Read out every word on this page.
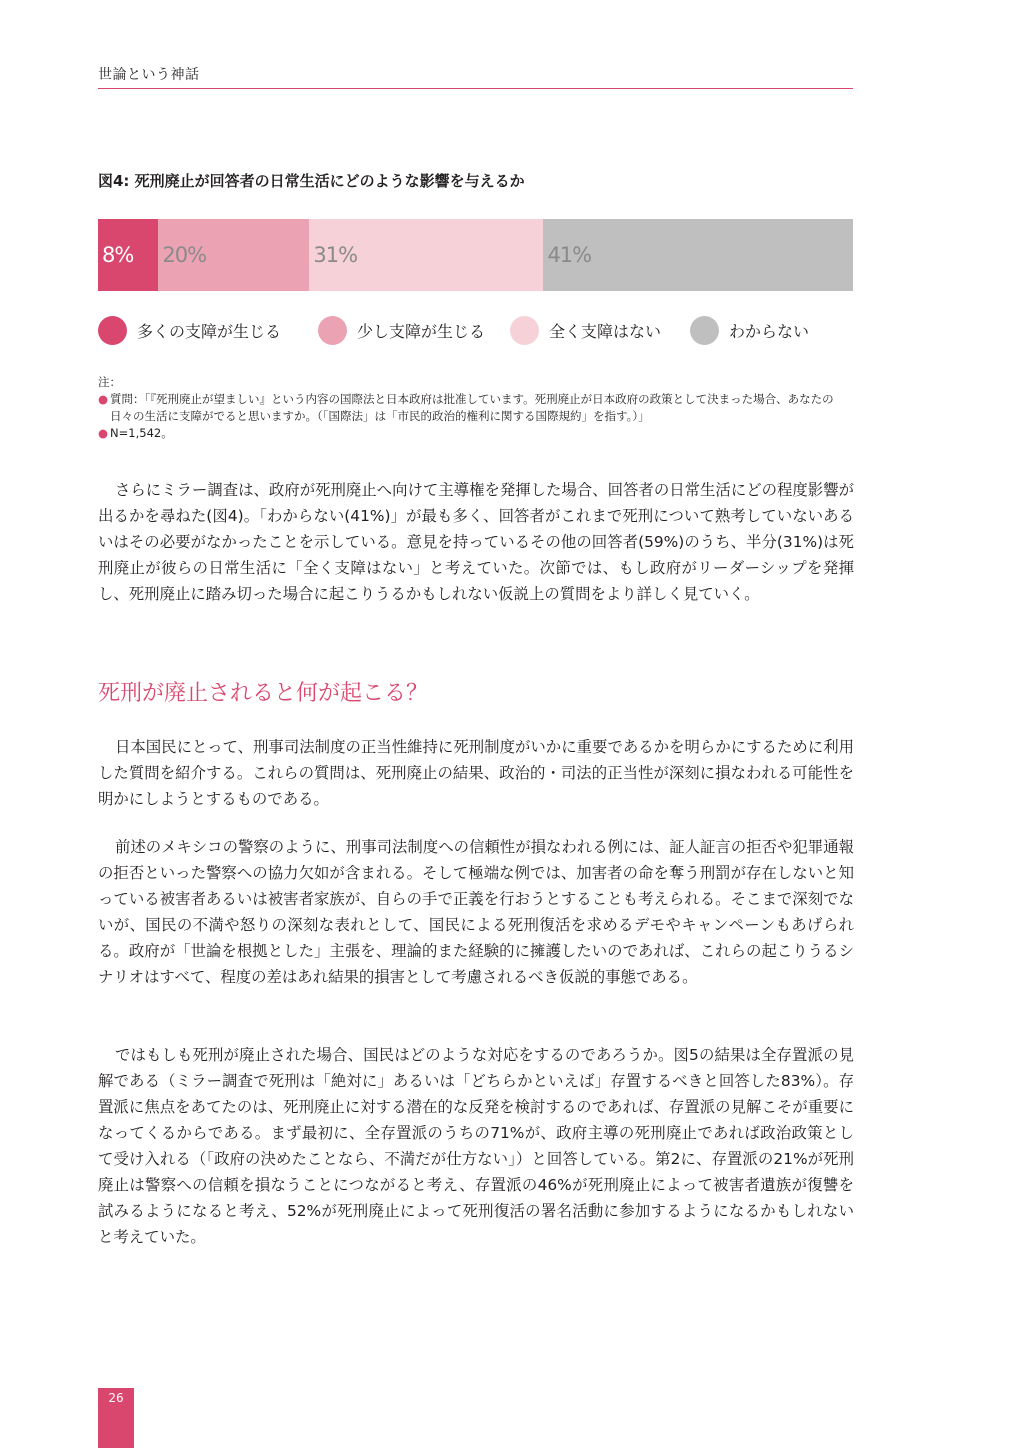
世論という神話
図4: 死刑廃止が回答者の日常生活にどのような影響を与えるか
8% 20%	31%	41%
多くの支障が生じる	少し支障が生じる	全く支障はない	わからない
注：
● 質問：「『死刑廃止が望ましい』という内容の国際法と日本政府は批准しています。死刑廃止が日本政府の政策として決まった場合、あなたの日々の生活に支障がでると思いますか。（「国際法」は「市民的政治的権利に関する国際規約」を指す。）」
● N=1,542。

さらにミラー調査は、政府が死刑廃止へ向けて主導権を発揮した場合、回答者の日常生活にどの程度影響が出るかを尋ねた(図4)。「わからない(41%)」が最も多く、回答者がこれまで死刑について熟考していないあるいはその必要がなかったことを示している。意見を持っているその他の回答者(59%)のうち、半分(31%)は死刑廃止が彼らの日常生活に「全く支障はない」と考えていた。次節では、もし政府がリーダーシップを発揮し、死刑廃止に踏み切った場合に起こりうるかもしれない仮説上の質問をより詳しく見ていく。

死刑が廃止されると何が起こる？

日本国民にとって、刑事司法制度の正当性維持に死刑制度がいかに重要であるかを明らかにするために利用した質問を紹介する。これらの質問は、死刑廃止の結果、政治的・司法的正当性が深刻に損なわれる可能性を明かにしようとするものである。

前述のメキシコの警察のように、刑事司法制度への信頼性が損なわれる例には、証人証言の拒否や犯罪通報の拒否といった警察への協力欠如が含まれる。そして極端な例では、加害者の命を奪う刑罰が存在しないと知っている被害者あるいは被害者家族が、自らの手で正義を行おうとすることも考えられる。そこまで深刻でないが、国民の不満や怒りの深刻な表れとして、国民による死刑復活を求めるデモやキャンペーンもあげられる。政府が「世論を根拠とした」主張を、理論的また経験的に擁護したいのであれば、これらの起こりうるシナリオはすべて、程度の差はあれ結果的損害として考慮されるべき仮説的事態である。

ではもしも死刑が廃止された場合、国民はどのような対応をするのであろうか。図5の結果は全存置派の見解である（ミラー調査で死刑は「絶対に」あるいは「どちらかといえば」存置するべきと回答した83%）。存置派に焦点をあてたのは、死刑廃止に対する潜在的な反発を検討するのであれば、存置派の見解こそが重要になってくるからである。まず最初に、全存置派のうちの71%が、政府主導の死刑廃止であれば政治政策として受け入れる（「政府の決めたことなら、不満だが仕方ない」）と回答している。第2に、存置派の21%が死刑廃止は警察への信頼を損なうことにつながると考え、存置派の46%が死刑廃止によって被害者遺族が復讐を試みるようになると考え、52%が死刑廃止によって死刑復活の署名活動に参加するようになるかもしれないと考えていた。

26
